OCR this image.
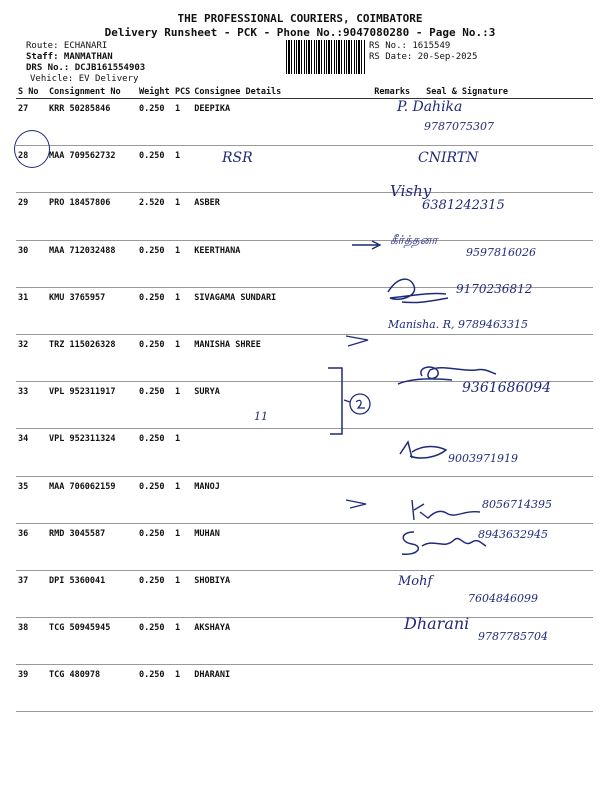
THE PROFESSIONAL COURIERS, COIMBATORE
Delivery Runsheet - PCK - Phone No.:9047080280 - Page No.:3
Route: ECHANARI
Staff: MANMATHAN
DRS No.: DCJB161554903
Vehicle: EV Delivery
RS No.: 1615549
RS Date: 20-Sep-2025
S No	Consignment No	Weight	PCS	Consignee Details	Remarks	Seal & Signature
27	KRR 50285846	0.250	1	DEEPIKA		
28	MAA 709562732	0.250	1			
29	PRO 18457806	2.520	1	ASBER		
30	MAA 712032488	0.250	1	KEERTHANA		
31	KMU 3765957	0.250	1	SIVAGAMA SUNDARI		
32	TRZ 115026328	0.250	1	MANISHA SHREE		
33	VPL 952311917	0.250	1	SURYA		
34	VPL 952311324	0.250	1			
35	MAA 706062159	0.250	1	MANOJ		
36	RMD 3045587	0.250	1	MUHAN		
37	DPI 5360041	0.250	1	SHOBIYA		
38	TCG 50945945	0.250	1	AKSHAYA		
39	TCG 480978	0.250	1	DHARANI		
P. Dahika
9787075307
RSR	CNIRTN
Vishy
6381242315
கீர்த்தனா
9597816026
9170236812
Manisha. R, 9789463315
11
9361686094
9003971919
8056714395
8943632945
Mohf
7604846099
Dharani
9787785704
